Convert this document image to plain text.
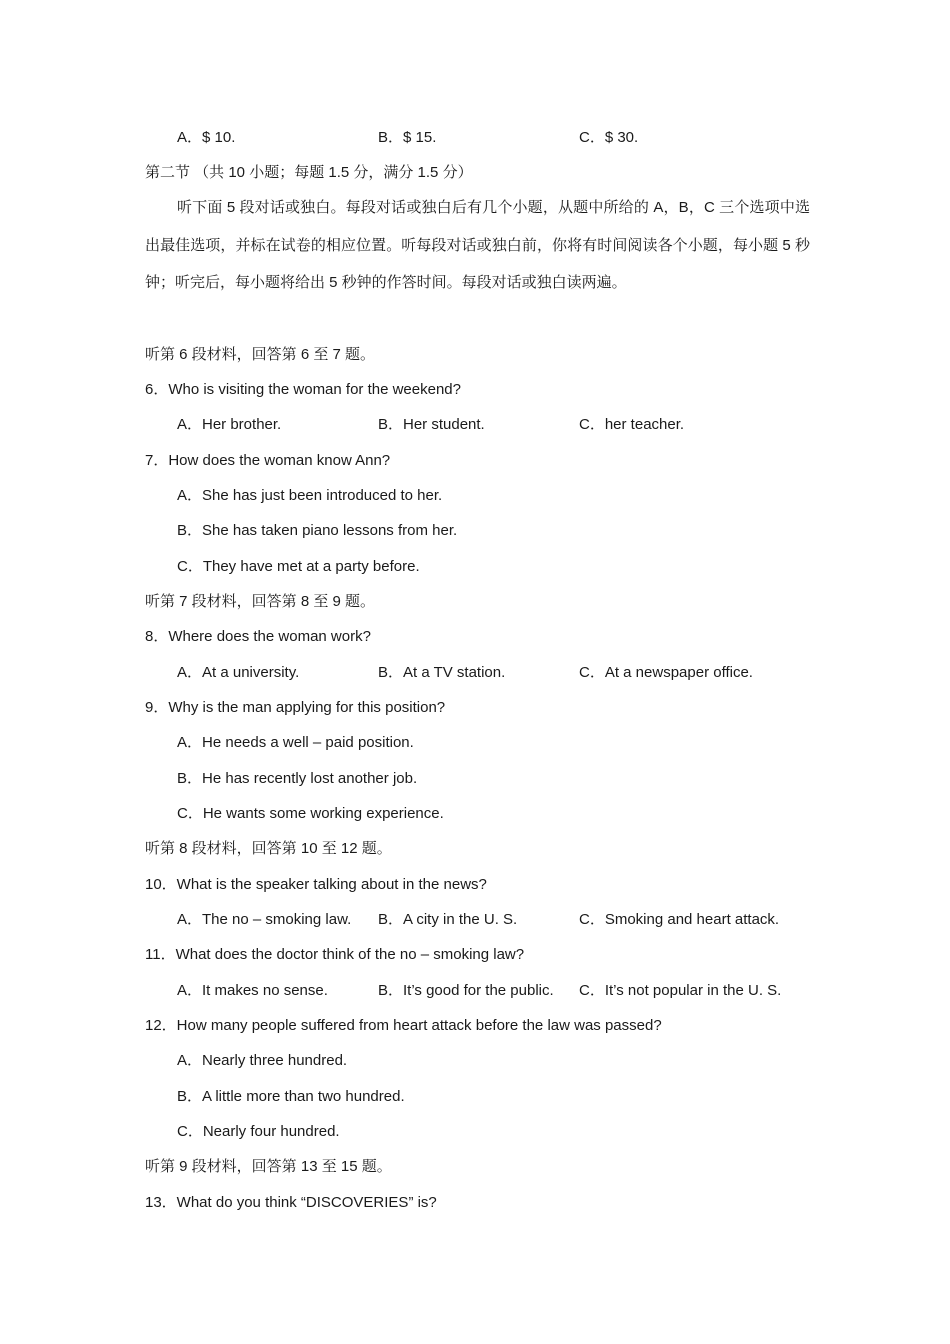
A．$ 10.	B．$ 15.	C．$ 30.
第二节 （共 10 小题；每题 1.5 分，满分 1.5 分）
听下面 5 段对话或独白。每段对话或独白后有几个小题，从题中所给的 A，B，C 三个选项中选出最佳选项，并标在试卷的相应位置。听每段对话或独白前，你将有时间阅读各个小题，每小题 5 秒钟；听完后，每小题将给出 5 秒钟的作答时间。每段对话或独白读两遍。
听第 6 段材料，回答第 6 至 7 题。
6．Who is visiting the woman for the weekend?
A．Her brother.	B．Her student.	C．her teacher.
7．How does the woman know Ann?
A．She has just been introduced to her.
B．She has taken piano lessons from her.
C．They have met at a party before.
听第 7 段材料，回答第 8 至 9 题。
8．Where does the woman work?
A．At a university.	B．At a TV station.	C．At a newspaper office.
9．Why is the man applying for this position?
A．He needs a well – paid position.
B．He has recently lost another job.
C．He wants some working experience.
听第 8 段材料，回答第 10 至 12 题。
10．What is the speaker talking about in the news?
A．The no – smoking law. B．A city in the U. S.	C．Smoking and heart attack.
11．What does the doctor think of the no – smoking law?
A．It makes no sense.	B．It’s good for the public. C．It’s not popular in the U. S.
12．How many people suffered from heart attack before the law was passed?
A．Nearly three hundred.
B．A little more than two hundred.
C．Nearly four hundred.
听第 9 段材料，回答第 13 至 15 题。
13．What do you think “DISCOVERIES” is?
